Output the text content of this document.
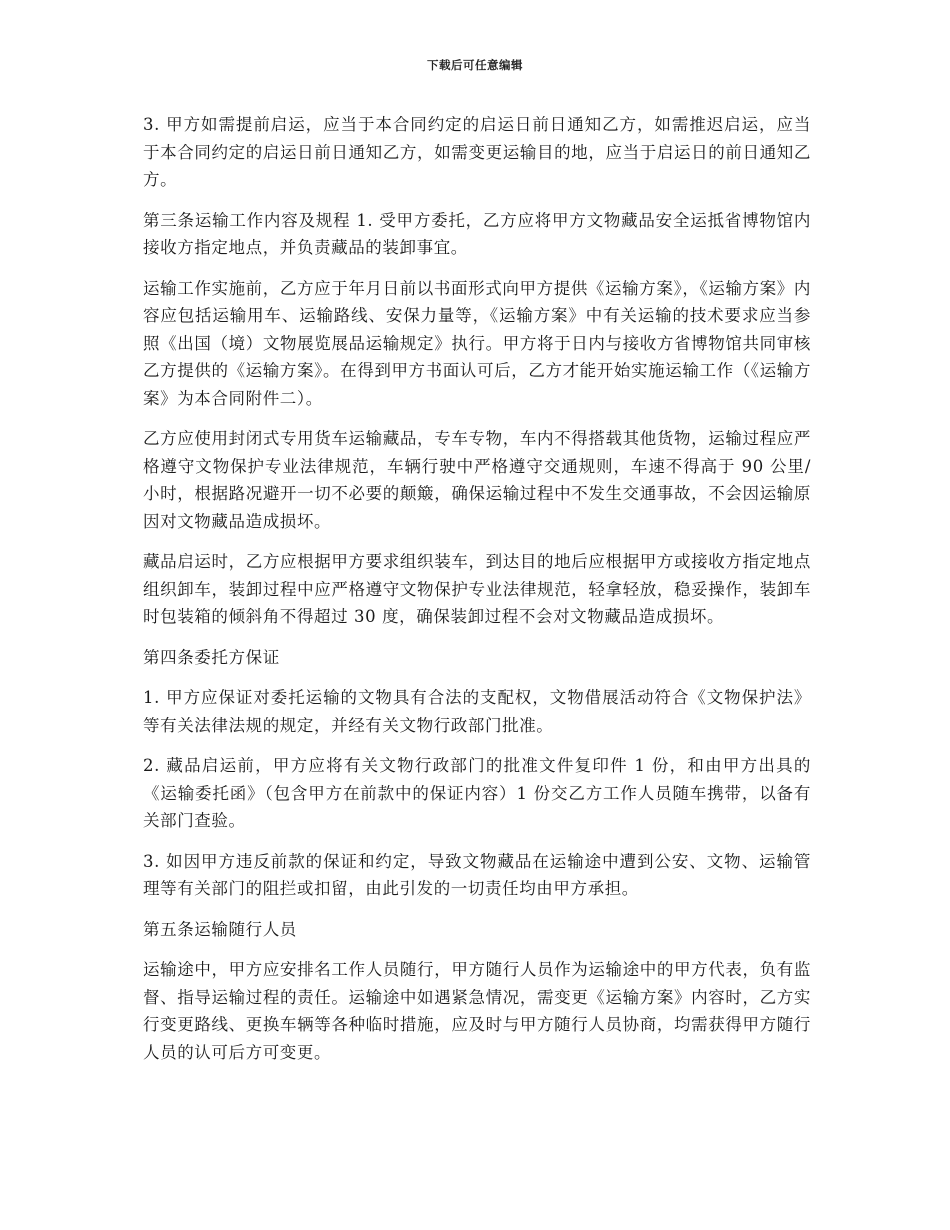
下载后可任意编辑

3. 甲方如需提前启运，应当于本合同约定的启运日前日通知乙方，如需推迟启运，应当于本合同约定的启运日前日通知乙方，如需变更运输目的地，应当于启运日的前日通知乙方。

第三条运输工作内容及规程 1. 受甲方委托，乙方应将甲方文物藏品安全运抵省博物馆内接收方指定地点，并负责藏品的装卸事宜。

运输工作实施前，乙方应于年月日前以书面形式向甲方提供《运输方案》，《运输方案》内容应包括运输用车、运输路线、安保力量等，《运输方案》中有关运输的技术要求应当参照《出国（境）文物展览展品运输规定》执行。甲方将于日内与接收方省博物馆共同审核乙方提供的《运输方案》。在得到甲方书面认可后，乙方才能开始实施运输工作（《运输方案》为本合同附件二）。

乙方应使用封闭式专用货车运输藏品，专车专物，车内不得搭载其他货物，运输过程应严格遵守文物保护专业法律规范，车辆行驶中严格遵守交通规则，车速不得高于 90 公里/小时，根据路况避开一切不必要的颠簸，确保运输过程中不发生交通事故，不会因运输原因对文物藏品造成损坏。

藏品启运时，乙方应根据甲方要求组织装车，到达目的地后应根据甲方或接收方指定地点组织卸车，装卸过程中应严格遵守文物保护专业法律规范，轻拿轻放，稳妥操作，装卸车时包装箱的倾斜角不得超过 30 度，确保装卸过程不会对文物藏品造成损坏。

第四条委托方保证

1. 甲方应保证对委托运输的文物具有合法的支配权，文物借展活动符合《文物保护法》等有关法律法规的规定，并经有关文物行政部门批准。

2. 藏品启运前，甲方应将有关文物行政部门的批准文件复印件 1 份，和由甲方出具的《运输委托函》（包含甲方在前款中的保证内容）1 份交乙方工作人员随车携带，以备有关部门查验。

3. 如因甲方违反前款的保证和约定，导致文物藏品在运输途中遭到公安、文物、运输管理等有关部门的阻拦或扣留，由此引发的一切责任均由甲方承担。

第五条运输随行人员

运输途中，甲方应安排名工作人员随行，甲方随行人员作为运输途中的甲方代表，负有监督、指导运输过程的责任。运输途中如遇紧急情况，需变更《运输方案》内容时，乙方实行变更路线、更换车辆等各种临时措施，应及时与甲方随行人员协商，均需获得甲方随行人员的认可后方可变更。
